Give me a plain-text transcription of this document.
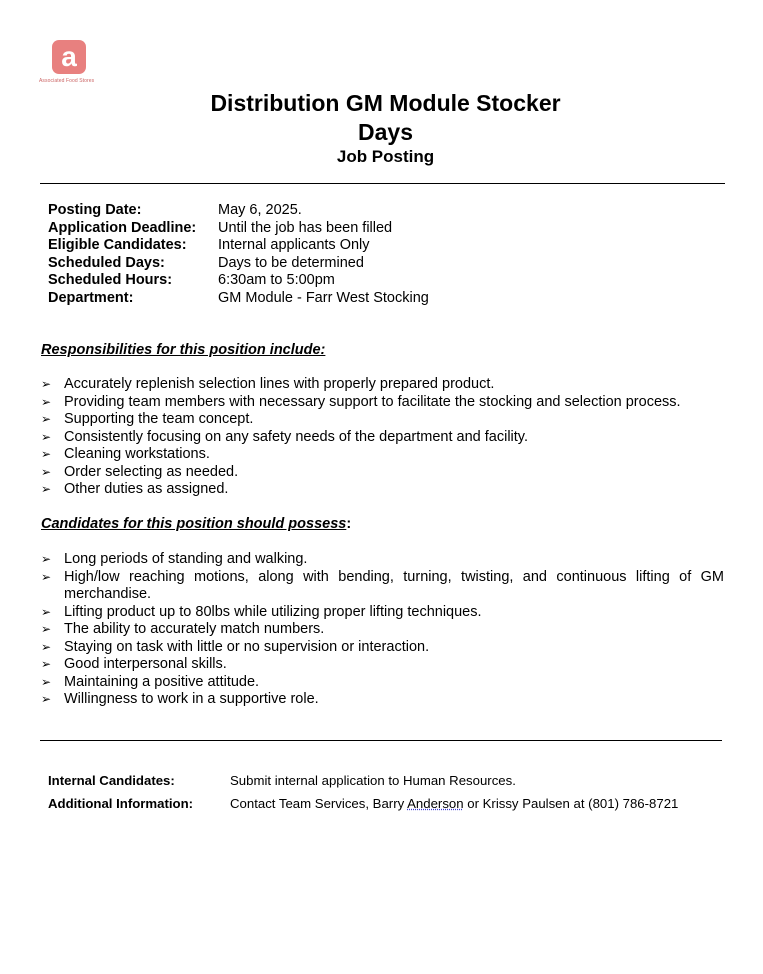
a
Associated Food Stores
Distribution GM Module Stocker
Days
Job Posting
Posting Date:	May 6, 2025.
Application Deadline:	Until the job has been filled
Eligible Candidates:	Internal applicants Only
Scheduled Days:	Days to be determined
Scheduled Hours:	6:30am to 5:00pm
Department:	GM Module - Farr West Stocking
Responsibilities for this position include:
➢ Accurately replenish selection lines with properly prepared product.
➢ Providing team members with necessary support to facilitate the stocking and selection process.
➢ Supporting the team concept.
➢ Consistently focusing on any safety needs of the department and facility.
➢ Cleaning workstations.
➢ Order selecting as needed.
➢ Other duties as assigned.
Candidates for this position should possess:
➢ Long periods of standing and walking.
➢ High/low reaching motions, along with bending, turning, twisting, and continuous lifting of GM merchandise.
➢ Lifting product up to 80lbs while utilizing proper lifting techniques.
➢ The ability to accurately match numbers.
➢ Staying on task with little or no supervision or interaction.
➢ Good interpersonal skills.
➢ Maintaining a positive attitude.
➢ Willingness to work in a supportive role.
Internal Candidates:	Submit internal application to Human Resources.
Additional Information:	Contact Team Services, Barry Anderson or Krissy Paulsen at (801) 786-8721
